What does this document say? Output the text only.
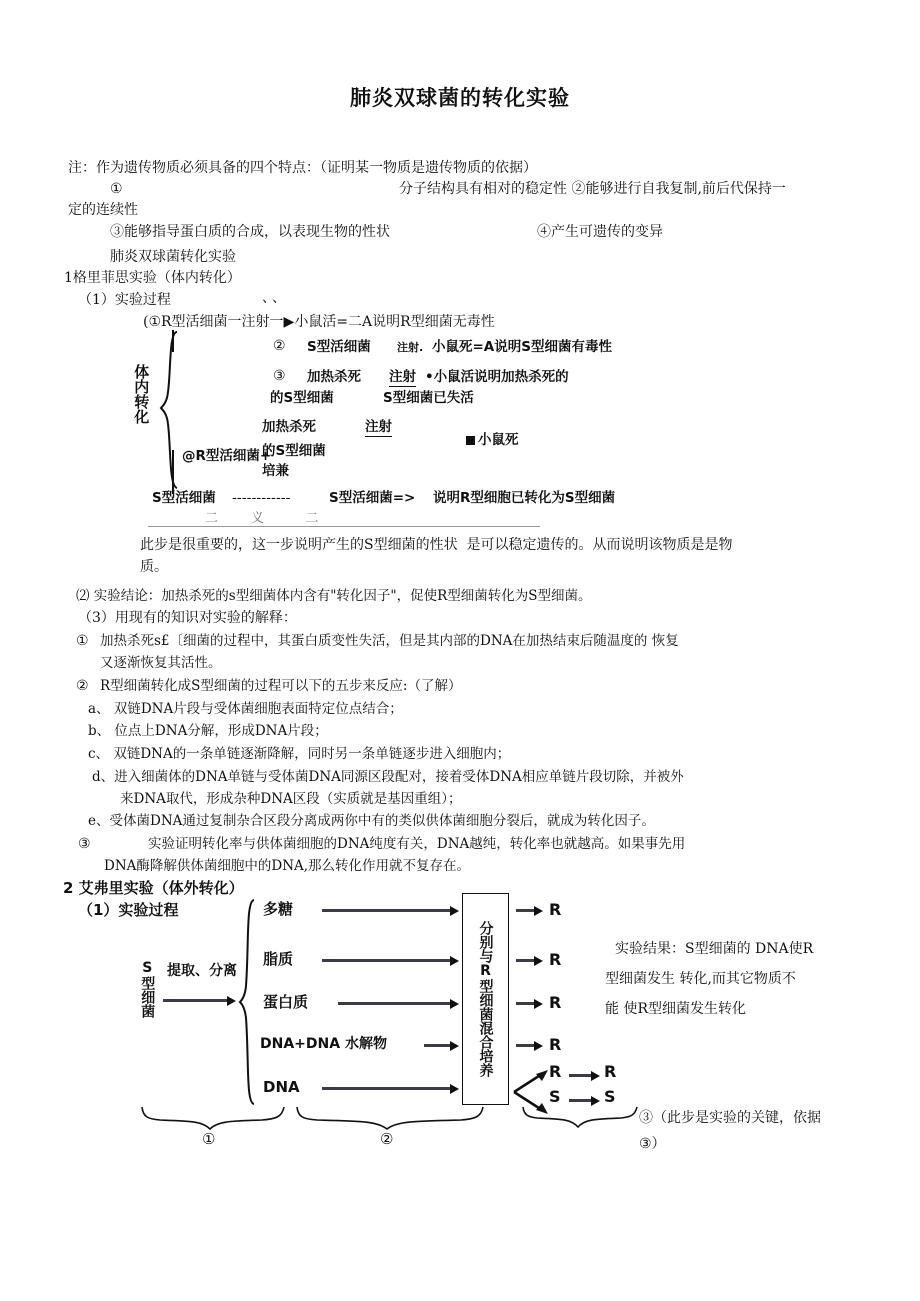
肺炎双球菌的转化实验
注：作为遗传物质必须具备的四个特点：（证明某一物质是遗传物质的依据）
①	分子结构具有相对的稳定性 ②能够进行自我复制,前后代保持一
定的连续性
③能够指导蛋白质的合成，以表现生物的性状	④产生可遗传的变异
肺炎双球菌转化实验
1格里菲思实验（体内转化）
（1）实验过程	、、
体内转化
(①R型活细菌一注射一▶小鼠活=二A说明R型细菌无毒性
② S型活细菌 注射. 小鼠死=A说明S型细菌有毒性
③ 加热杀死 注射 •小鼠活说明加热杀死的
的S型细菌	S型细菌已失活
加热杀死	注射
@R型活细菌+
的S型细菌
培兼
小鼠死
S型活细菌 ------------	S型活细菌=> 说明R型细胞已转化为S型细菌
二        义          二
此步是很重要的，这一步说明产生的S型细菌的性状  是可以稳定遗传的。从而说明该物质是是物
质。
⑵ 实验结论：加热杀死的s型细菌体内含有"转化因子"，促使R型细菌转化为S型细菌。
（3）用现有的知识对实验的解释：
① 加热杀死s£〔细菌的过程中，其蛋白质变性失活，但是其内部的DNA在加热结束后随温度的 恢复
又逐渐恢复其活性。
② R型细菌转化成S型细菌的过程可以下的五步来反应:（了解）
a、 双链DNA片段与受体菌细胞表面特定位点结合；
b、 位点上DNA分解，形成DNA片段；
c、 双链DNA的一条单链逐渐降解，同时另一条单链逐步进入细胞内；
d、进入细菌体的DNA单链与受体菌DNA同源区段配对，接着受体DNA相应单链片段切除，并被外
来DNA取代，形成杂种DNA区段（实质就是基因重组）；
e、受体菌DNA通过复制杂合区段分离成两你中有的类似供体菌细胞分裂后，就成为转化因子。
③	实验证明转化率与供体菌细胞的DNA纯度有关，DNA越纯，转化率也就越高。如果事先用
DNA酶降解供体菌细胞中的DNA,那么转化作用就不复存在。
2 艾弗里实验（体外转化）
（1）实验过程
S型细菌 提取、分离
多糖
脂质
蛋白质
DNA+DNA 水解物
DNA
分别与R型细菌混合培养
R
R
R
R
R	R
S	S
实验结果：S型细菌的 DNA使R
型细菌发生 转化,而其它物质不
能 使R型细菌发生转化
①	②
③（此步是实验的关键，依据
③）
